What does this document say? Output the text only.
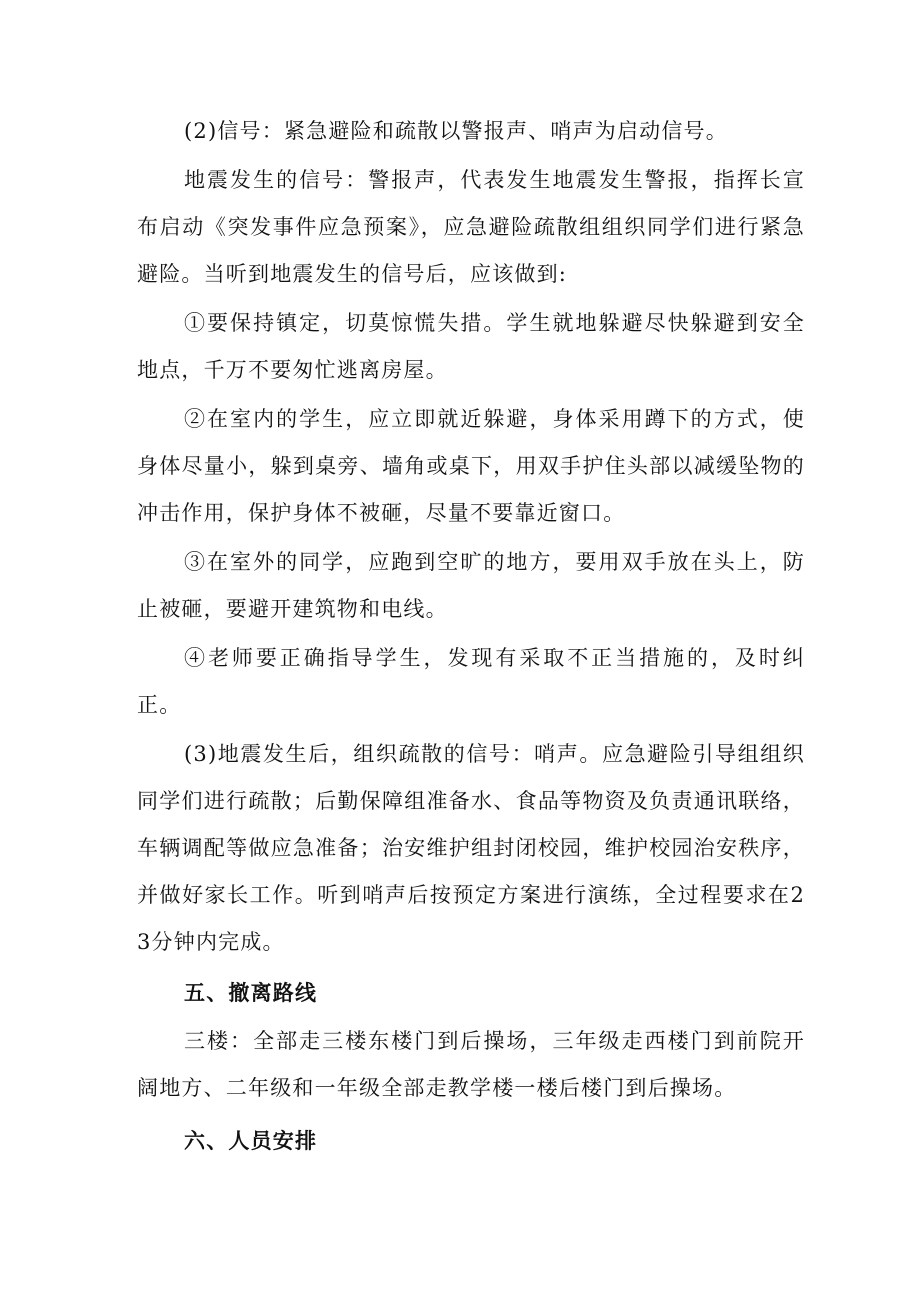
(2)信号：紧急避险和疏散以警报声、哨声为启动信号。

地震发生的信号：警报声，代表发生地震发生警报，指挥长宣布启动《突发事件应急预案》，应急避险疏散组组织同学们进行紧急避险。当听到地震发生的信号后，应该做到:

①要保持镇定，切莫惊慌失措。学生就地躲避尽快躲避到安全地点，千万不要匆忙逃离房屋。

②在室内的学生，应立即就近躲避，身体采用蹲下的方式，使身体尽量小，躲到桌旁、墙角或桌下，用双手护住头部以减缓坠物的冲击作用，保护身体不被砸，尽量不要靠近窗口。

③在室外的同学，应跑到空旷的地方，要用双手放在头上，防止被砸，要避开建筑物和电线。

④老师要正确指导学生，发现有采取不正当措施的，及时纠正。

(3)地震发生后，组织疏散的信号：哨声。应急避险引导组组织同学们进行疏散；后勤保障组准备水、食品等物资及负责通讯联络，车辆调配等做应急准备；治安维护组封闭校园，维护校园治安秩序，并做好家长工作。听到哨声后按预定方案进行演练，全过程要求在23分钟内完成。

五、撤离路线

三楼：全部走三楼东楼门到后操场，三年级走西楼门到前院开阔地方、二年级和一年级全部走教学楼一楼后楼门到后操场。

六、人员安排
